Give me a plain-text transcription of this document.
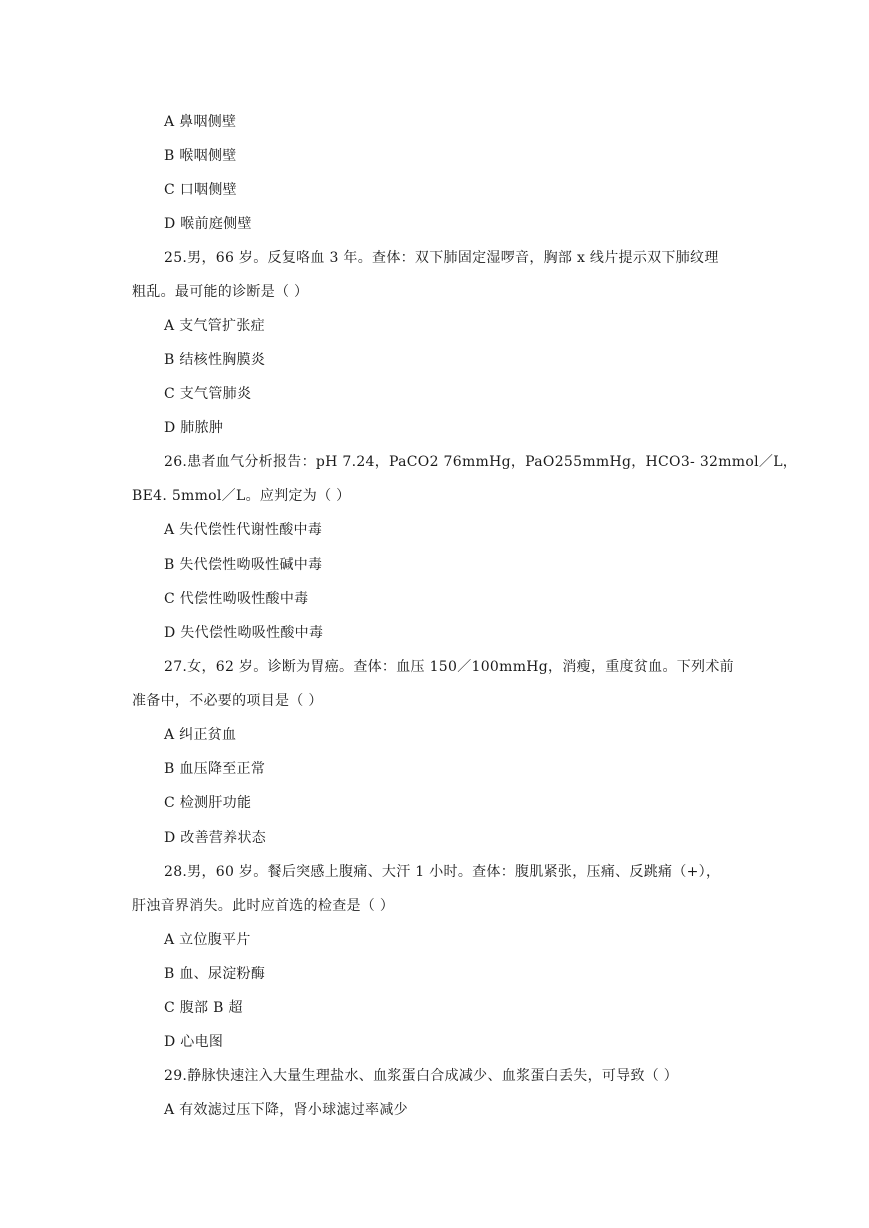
A 鼻咽侧壁
B 喉咽侧壁
C 口咽侧壁
D 喉前庭侧壁
25.男，66 岁。反复咯血 3 年。查体：双下肺固定湿啰音，胸部 x 线片提示双下肺纹理
粗乱。最可能的诊断是（ ）
A 支气管扩张症
B 结核性胸膜炎
C 支气管肺炎
D 肺脓肿
26.患者血气分析报告：pH 7.24，PaCO2 76mmHg，PaO255mmHg，HCO3- 32mmol／L，
BE4. 5mmol／L。应判定为（ ）
A 失代偿性代谢性酸中毒
B 失代偿性呦吸性碱中毒
C 代偿性呦吸性酸中毒
D 失代偿性呦吸性酸中毒
27.女，62 岁。诊断为胃癌。查体：血压 150／100mmHg，消瘦，重度贫血。下列术前
准备中，不必要的项目是（ ）
A 纠正贫血
B 血压降至正常
C 检测肝功能
D 改善营养状态
28.男，60 岁。餐后突感上腹痛、大汗 1 小时。查体：腹肌紧张，压痛、反跳痛（+），
肝浊音界消失。此时应首选的检查是（ ）
A 立位腹平片
B 血、尿淀粉酶
C 腹部 B 超
D 心电图
29.静脉快速注入大量生理盐水、血浆蛋白合成减少、血浆蛋白丢失，可导致（ ）
A 有效滤过压下降，肾小球滤过率减少
